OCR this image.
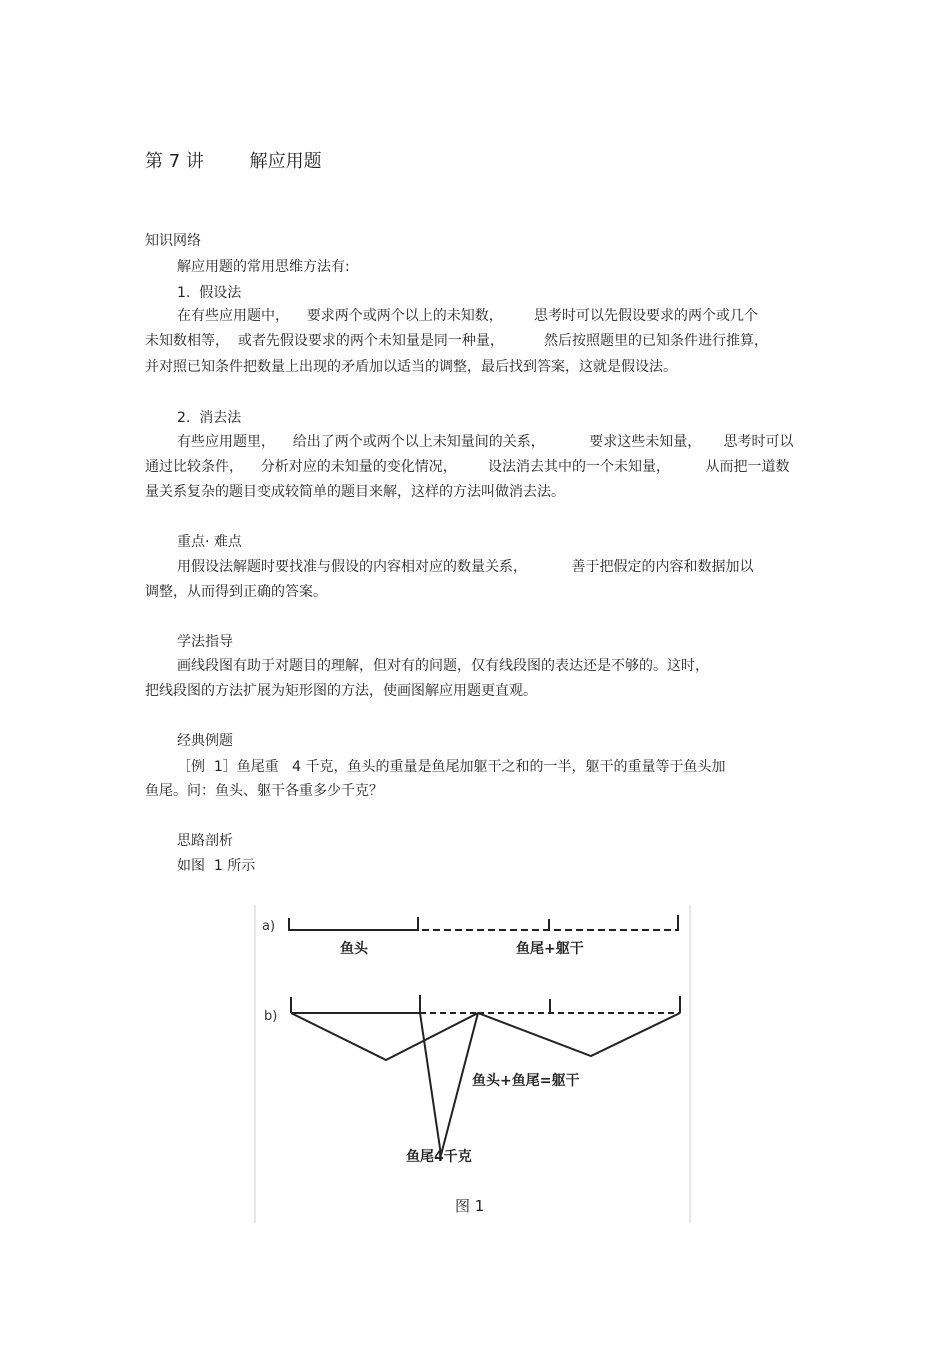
第 7 讲        解应用题
知识网络
解应用题的常用思维方法有:
1.  假设法
在有些应用题中，    要求两个或两个以上的未知数，       思考时可以先假设要求的两个或几个
未知数相等，  或者先假设要求的两个未知量是同一种量，         然后按照题里的已知条件进行推算，
并对照已知条件把数量上出现的矛盾加以适当的调整，最后找到答案，这就是假设法。
2.  消去法
有些应用题里，    给出了两个或两个以上未知量间的关系，          要求这些未知量，     思考时可以
通过比较条件，    分析对应的未知量的变化情况，       设法消去其中的一个未知量，        从而把一道数
量关系复杂的题目变成较简单的题目来解，这样的方法叫做消去法。
重点· 难点
用假设法解题时要找准与假设的内容相对应的数量关系，          善于把假定的内容和数据加以
调整，从而得到正确的答案。
学法指导
画线段图有助于对题目的理解，但对有的问题，仅有线段图的表达还是不够的。这时，
把线段图的方法扩展为矩形图的方法，使画图解应用题更直观。
经典例题
［例  1］鱼尾重   4 千克，鱼头的重量是鱼尾加躯干之和的一半，躯干的重量等于鱼头加
鱼尾。问：鱼头、躯干各重多少千克？
思路剖析
如图  1 所示
a)
鱼头	鱼尾+躯干
b)
鱼头+鱼尾=躯干
鱼尾4千克
图 1
